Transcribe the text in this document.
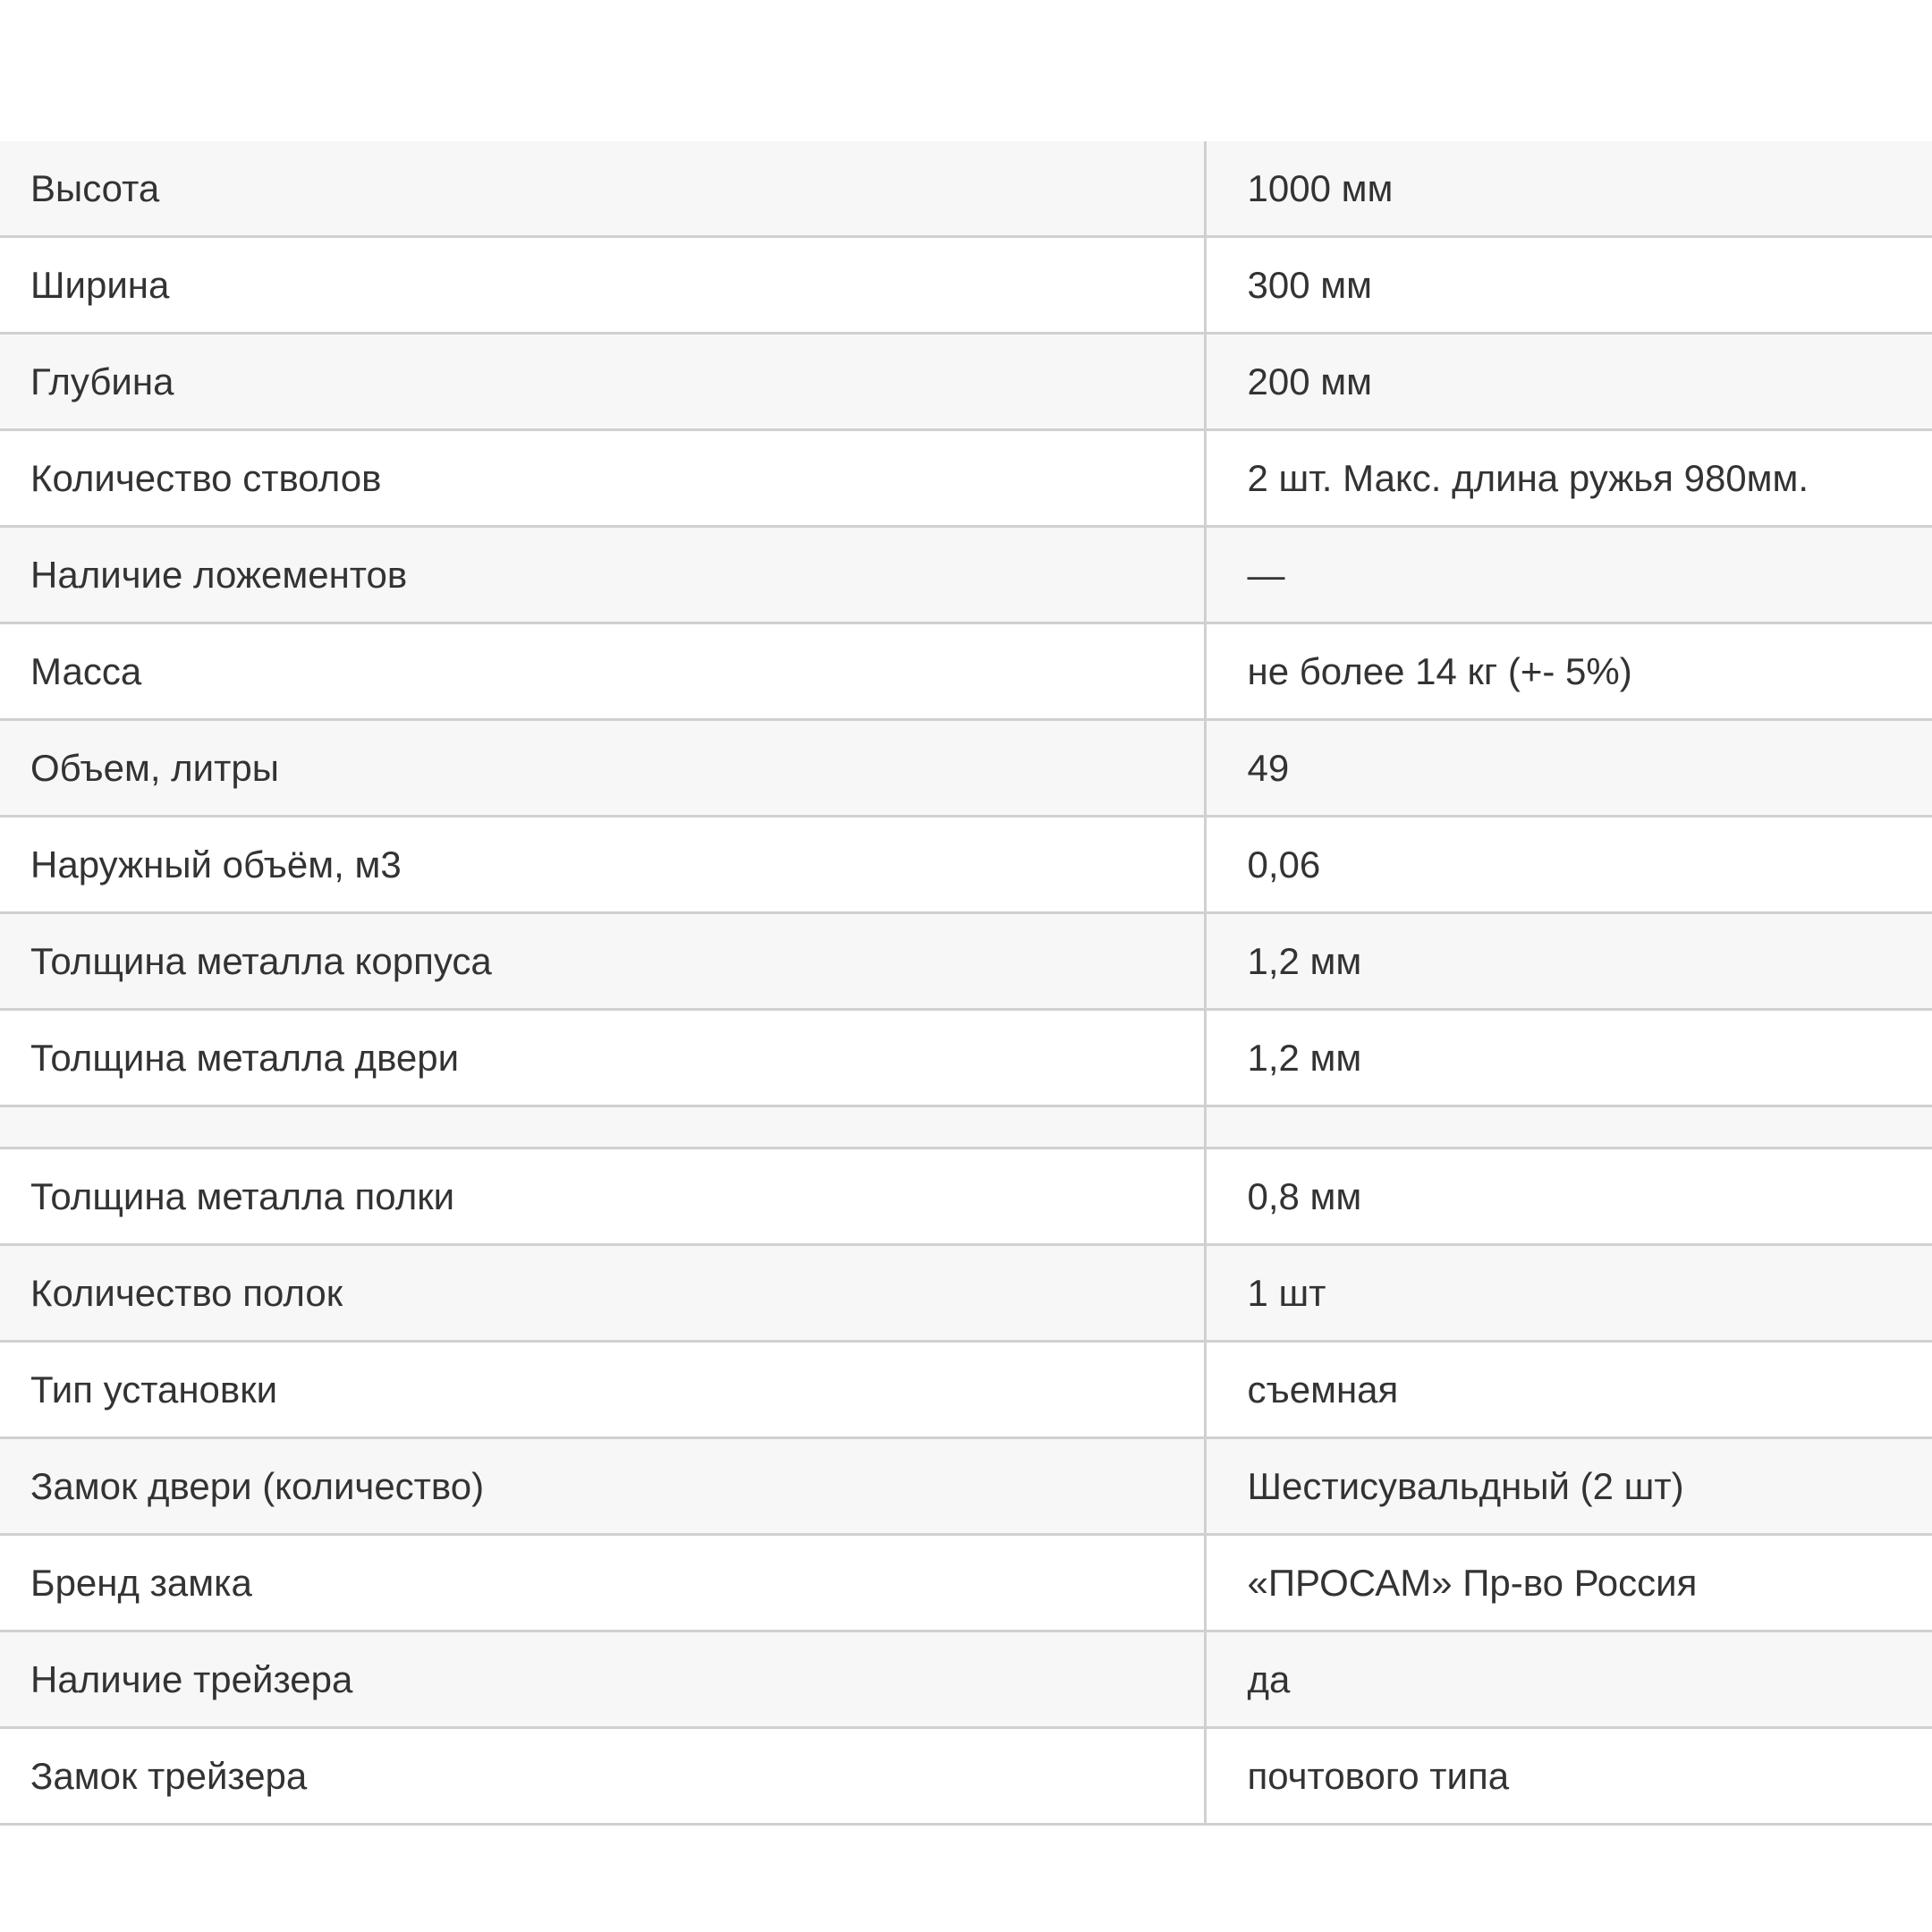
Высота	1000 мм
Ширина	300 мм
Глубина	200 мм
Количество стволов	2 шт. Макс. длина ружья 980мм.
Наличие ложементов	—
Масса	не более 14 кг (+- 5%)
Объем, литры	49
Наружный объём, м3	0,06
Толщина металла корпуса	1,2 мм
Толщина металла двери	1,2 мм

Толщина металла полки	0,8 мм
Количество полок	1 шт
Тип установки	съемная
Замок двери (количество)	Шестисувальдный (2 шт)
Бренд замка	«ПРОСАМ» Пр-во Россия
Наличие трейзера	да
Замок трейзера	почтового типа
